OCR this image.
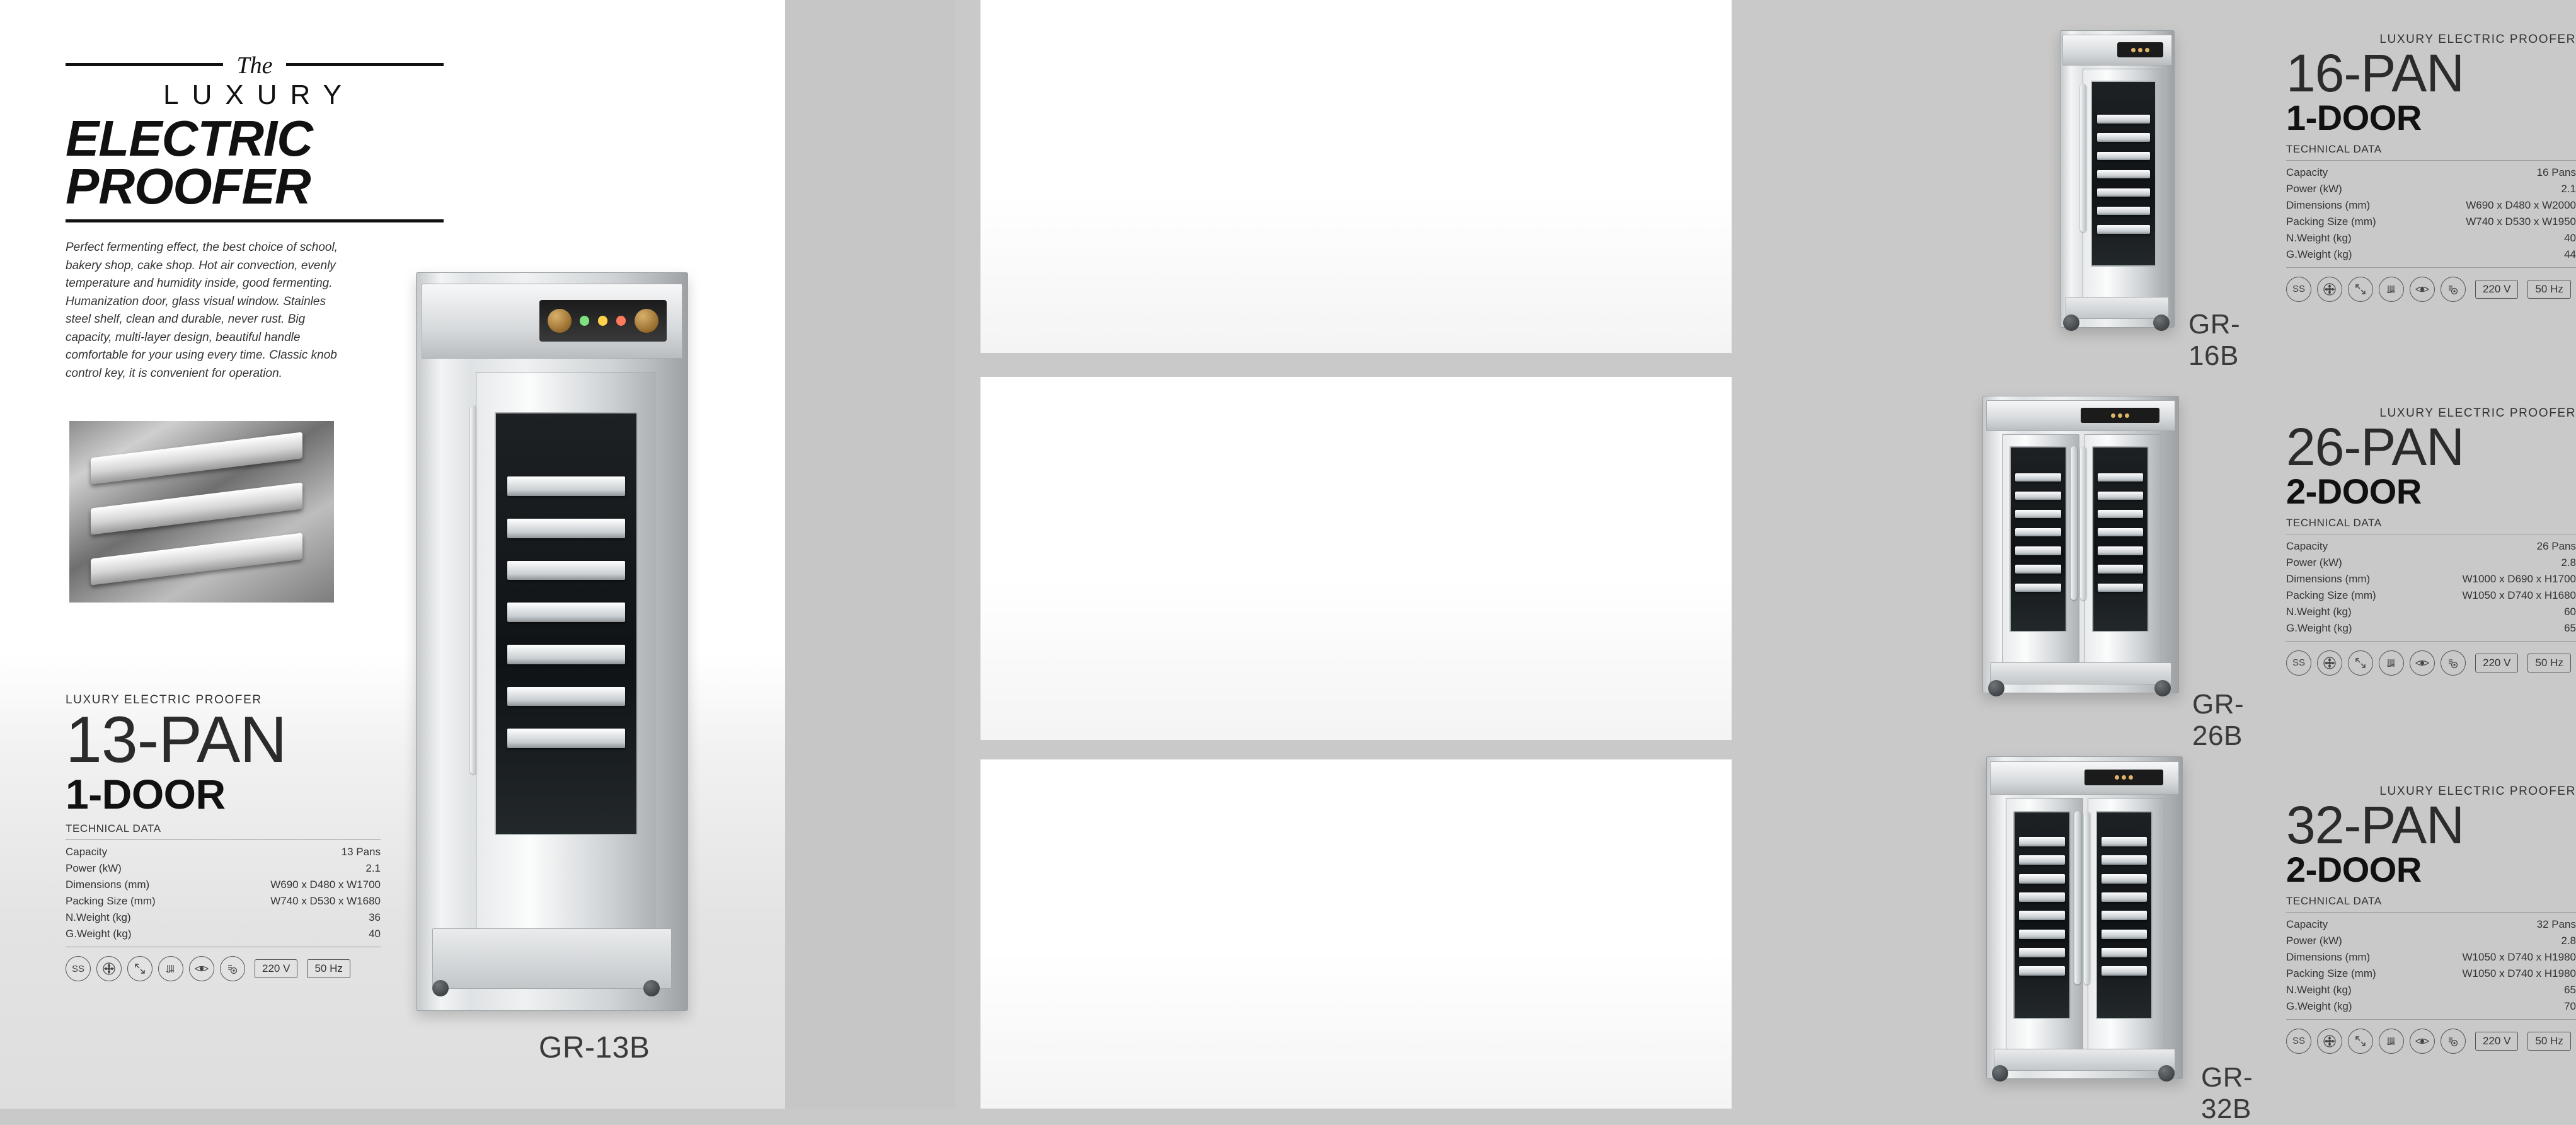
The
LUXURY
ELECTRIC
PROOFER
Perfect fermenting effect, the best choice of school, bakery shop, cake shop. Hot air convection, evenly temperature and humidity inside, good fermenting. Humanization door, glass visual window. Stainles steel shelf, clean and durable, never rust. Big capacity, multi-layer design, beautiful handle comfortable for your using every time. Classic knob control key, it is convenient for operation.
LUXURY ELECTRIC PROOFER
13-PAN
1-DOOR
TECHNICAL DATA
Capacity	13 Pans
Power (kW)	2.1
Dimensions (mm)	W690 x D480 x W1700
Packing Size (mm)	W740 x D530 x W1680
N.Weight (kg)	36
G.Weight (kg)	40
SS	220 V	50 Hz
GR-13B
LUXURY ELECTRIC PROOFER
16-PAN
1-DOOR
TECHNICAL DATA
Capacity	16 Pans
Power (kW)	2.1
Dimensions (mm)	W690 x D480 x W2000
Packing Size (mm)	W740 x D530 x W1950
N.Weight (kg)	40
G.Weight (kg)	44
SS	220 V	50 Hz
GR-16B
LUXURY ELECTRIC PROOFER
26-PAN
2-DOOR
TECHNICAL DATA
Capacity	26 Pans
Power (kW)	2.8
Dimensions (mm)	W1000 x D690 x H1700
Packing Size (mm)	W1050 x D740 x H1680
N.Weight (kg)	60
G.Weight (kg)	65
SS	220 V	50 Hz
GR-26B
LUXURY ELECTRIC PROOFER
32-PAN
2-DOOR
TECHNICAL DATA
Capacity	32 Pans
Power (kW)	2.8
Dimensions (mm)	W1050 x D740 x H1980
Packing Size (mm)	W1050 x D740 x H1980
N.Weight (kg)	65
G.Weight (kg)	70
SS	220 V	50 Hz
GR-32B
